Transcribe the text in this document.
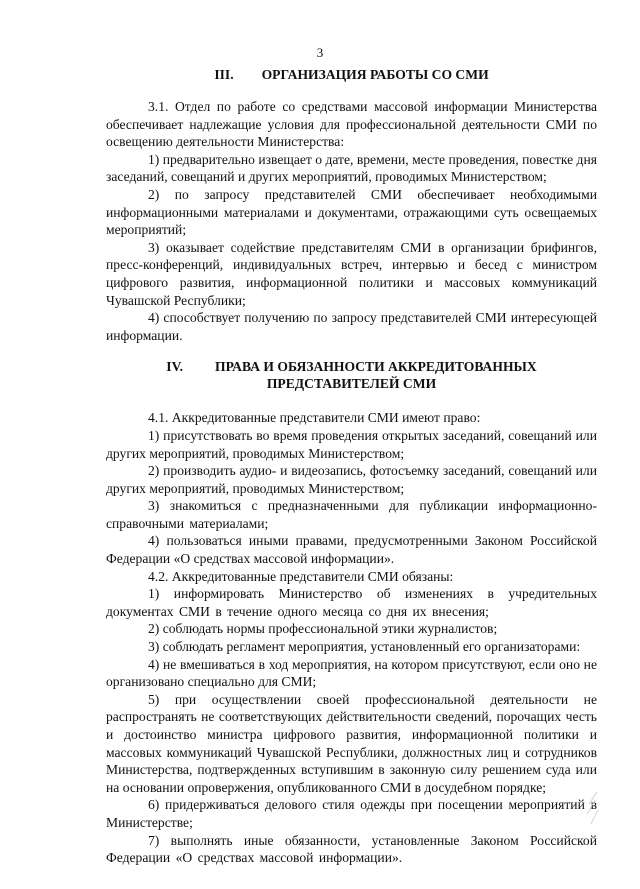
3
III. ОРГАНИЗАЦИЯ РАБОТЫ СО СМИ

3.1. Отдел по работе со средствами массовой информации Министерства обеспечивает надлежащие условия для профессиональной деятельности СМИ по освещению деятельности Министерства:

1) предварительно извещает о дате, времени, месте проведения, повестке дня заседаний, совещаний и других мероприятий, проводимых Министерством;

2) по запросу представителей СМИ обеспечивает необходимыми информационными материалами и документами, отражающими суть освещаемых мероприятий;

3) оказывает содействие представителям СМИ в организации брифингов, пресс-конференций, индивидуальных встреч, интервью и бесед с министром цифрового развития, информационной политики и массовых коммуникаций Чувашской Республики;

4) способствует получению по запросу представителей СМИ интересующей информации.

IV. ПРАВА И ОБЯЗАННОСТИ АККРЕДИТОВАННЫХ
ПРЕДСТАВИТЕЛЕЙ СМИ

4.1. Аккредитованные представители СМИ имеют право:

1) присутствовать во время проведения открытых заседаний, совещаний или других мероприятий, проводимых Министерством;

2) производить аудио- и видеозапись, фотосъемку заседаний, совещаний или других мероприятий, проводимых Министерством;

3) знакомиться с предназначенными для публикации информационно-справочными материалами;

4) пользоваться иными правами, предусмотренными Законом Российской Федерации «О средствах массовой информации».

4.2. Аккредитованные представители СМИ обязаны:

1) информировать Министерство об изменениях в учредительных документах СМИ в течение одного месяца со дня их внесения;

2) соблюдать нормы профессиональной этики журналистов;

3) соблюдать регламент мероприятия, установленный его организаторами:

4) не вмешиваться в ход мероприятия, на котором присутствуют, если оно не организовано специально для СМИ;

5) при осуществлении своей профессиональной деятельности не распространять не соответствующих действительности сведений, порочащих честь и достоинство министра цифрового развития, информационной политики и массовых коммуникаций Чувашской Республики, должностных лиц и сотрудников Министерства, подтвержденных вступившим в законную силу решением суда или на основании опровержения, опубликованного СМИ в досудебном порядке;

6) придерживаться делового стиля одежды при посещении мероприятий в Министерстве;

7) выполнять иные обязанности, установленные Законом Российской Федерации «О средствах массовой информации».
